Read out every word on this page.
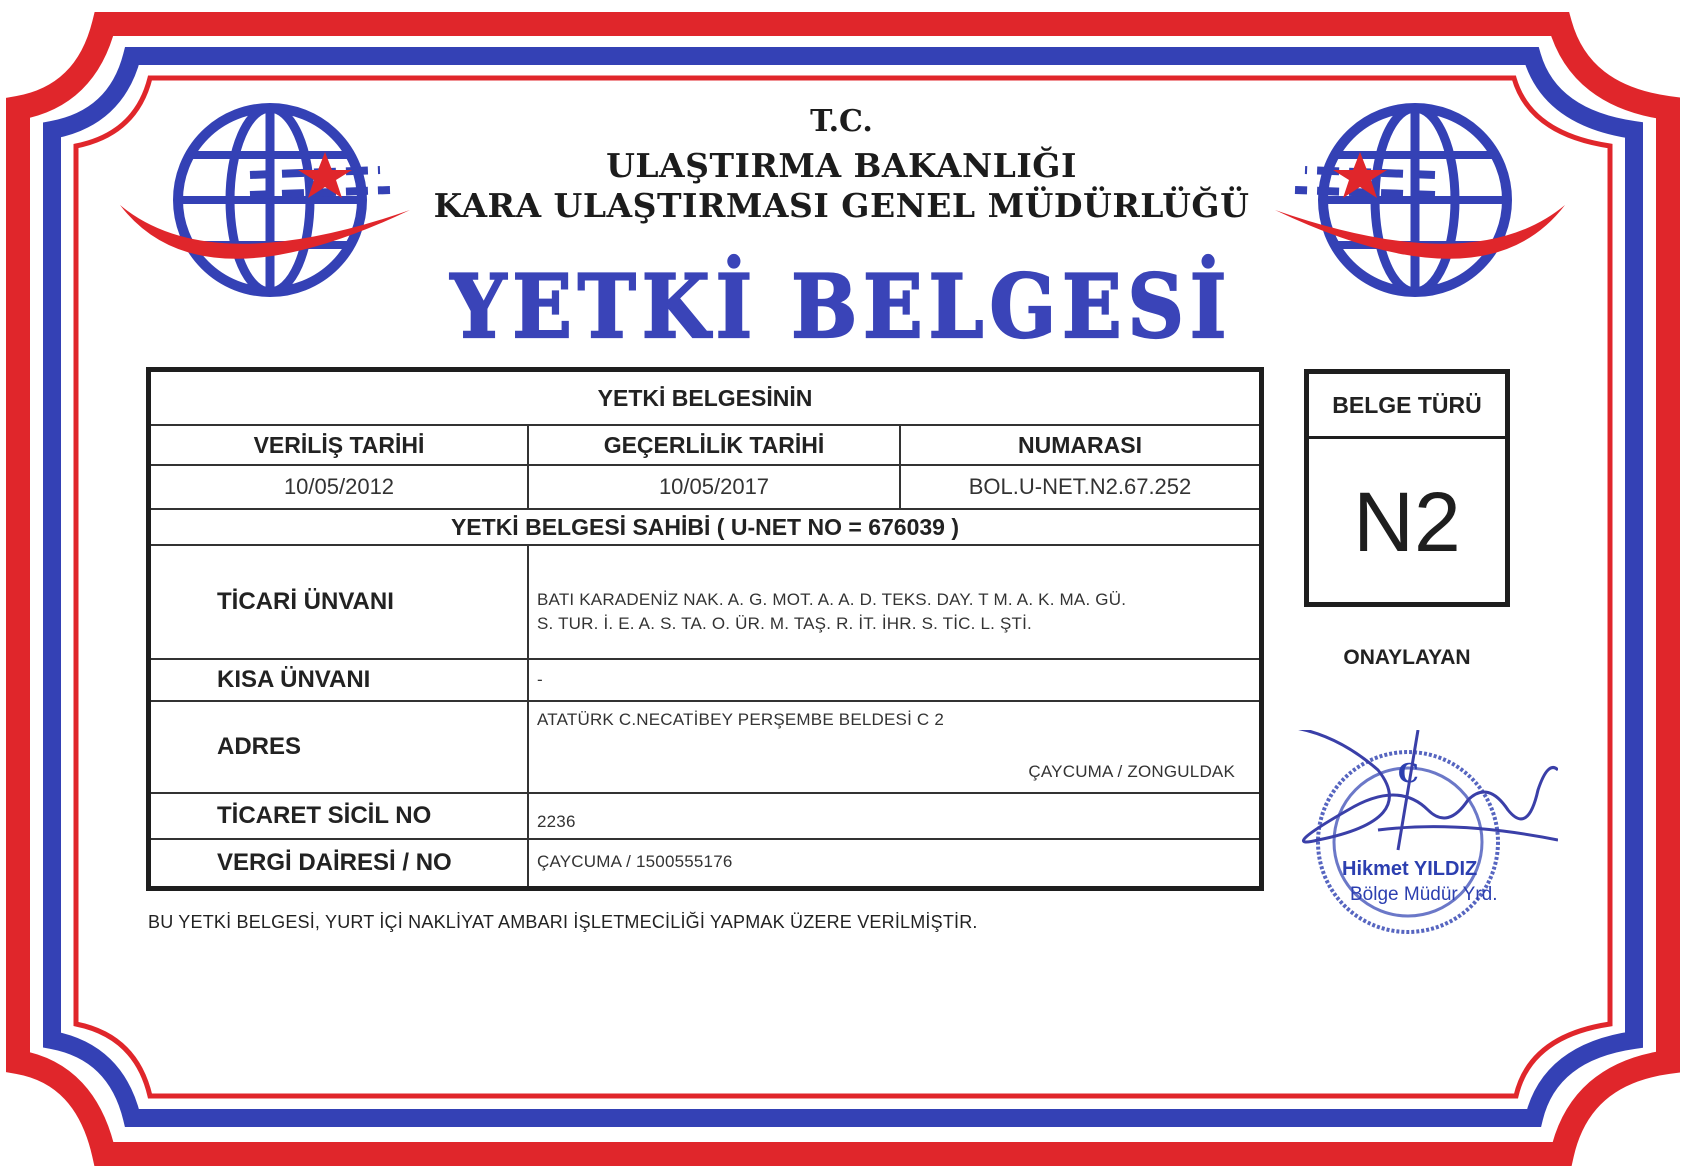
T.C.
ULAŞTIRMA BAKANLIĞI
KARA ULAŞTIRMASI GENEL MÜDÜRLÜĞÜ
YETKİ BELGESİ
YETKİ BELGESİNİN
VERİLİŞ TARİHİ	GEÇERLİLİK TARİHİ	NUMARASI
10/05/2012	10/05/2017	BOL.U-NET.N2.67.252
YETKİ BELGESİ SAHİBİ ( U-NET NO = 676039 )
TİCARİ ÜNVANI	BATI KARADENİZ NAK. A. G. MOT. A. A. D. TEKS. DAY. T M. A. K. MA. GÜ.
S. TUR. İ. E. A. S. TA. O. ÜR. M. TAŞ. R. İT. İHR. S. TİC. L. ŞTİ.
KISA ÜNVANI	-
ADRES
ATATÜRK C.NECATİBEY PERŞEMBE BELDESİ C 2
ÇAYCUMA / ZONGULDAK
TİCARET SİCİL NO	2236
VERGİ DAİRESİ / NO	ÇAYCUMA / 1500555176
BELGE TÜRÜ
N2
ONAYLAYAN
C
Hikmet YILDIZ
Bölge Müdür Yrd.
BU YETKİ BELGESİ, YURT İÇİ NAKLİYAT AMBARI İŞLETMECİLİĞİ YAPMAK ÜZERE VERİLMİŞTİR.
